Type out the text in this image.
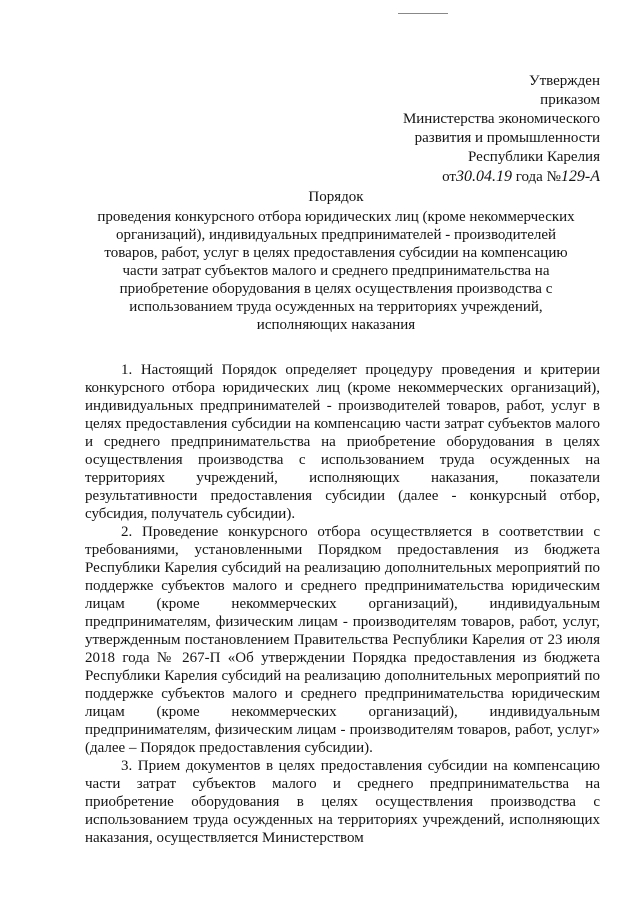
Утвержден
приказом
Министерства экономического
развития и промышленности
Республики Карелия
от30.04.19 года №129-А
Порядок
проведения конкурсного отбора юридических лиц (кроме некоммерческих организаций), индивидуальных предпринимателей - производителей товаров, работ, услуг в целях предоставления субсидии на компенсацию части затрат субъектов малого и среднего предпринимательства на приобретение оборудования в целях осуществления производства с использованием труда осужденных на территориях учреждений, исполняющих наказания

1. Настоящий Порядок определяет процедуру проведения и критерии конкурсного отбора юридических лиц (кроме некоммерческих организаций), индивидуальных предпринимателей - производителей товаров, работ, услуг в целях предоставления субсидии на компенсацию части затрат субъектов малого и среднего предпринимательства на приобретение оборудования в целях осуществления производства с использованием труда осужденных на территориях учреждений, исполняющих наказания, показатели результативности предоставления субсидии (далее - конкурсный отбор, субсидия, получатель субсидии).

2. Проведение конкурсного отбора осуществляется в соответствии с требованиями, установленными Порядком предоставления из бюджета Республики Карелия субсидий на реализацию дополнительных мероприятий по поддержке субъектов малого и среднего предпринимательства юридическим лицам (кроме некоммерческих организаций), индивидуальным предпринимателям, физическим лицам - производителям товаров, работ, услуг, утвержденным постановлением Правительства Республики Карелия от 23 июля 2018 года № 267-П «Об утверждении Порядка предоставления из бюджета Республики Карелия субсидий на реализацию дополнительных мероприятий по поддержке субъектов малого и среднего предпринимательства юридическим лицам (кроме некоммерческих организаций), индивидуальным предпринимателям, физическим лицам - производителям товаров, работ, услуг» (далее – Порядок предоставления субсидии).

3. Прием документов в целях предоставления субсидии на компенсацию части затрат субъектов малого и среднего предпринимательства на приобретение оборудования в целях осуществления производства с использованием труда осужденных на территориях учреждений, исполняющих наказания, осуществляется Министерством
